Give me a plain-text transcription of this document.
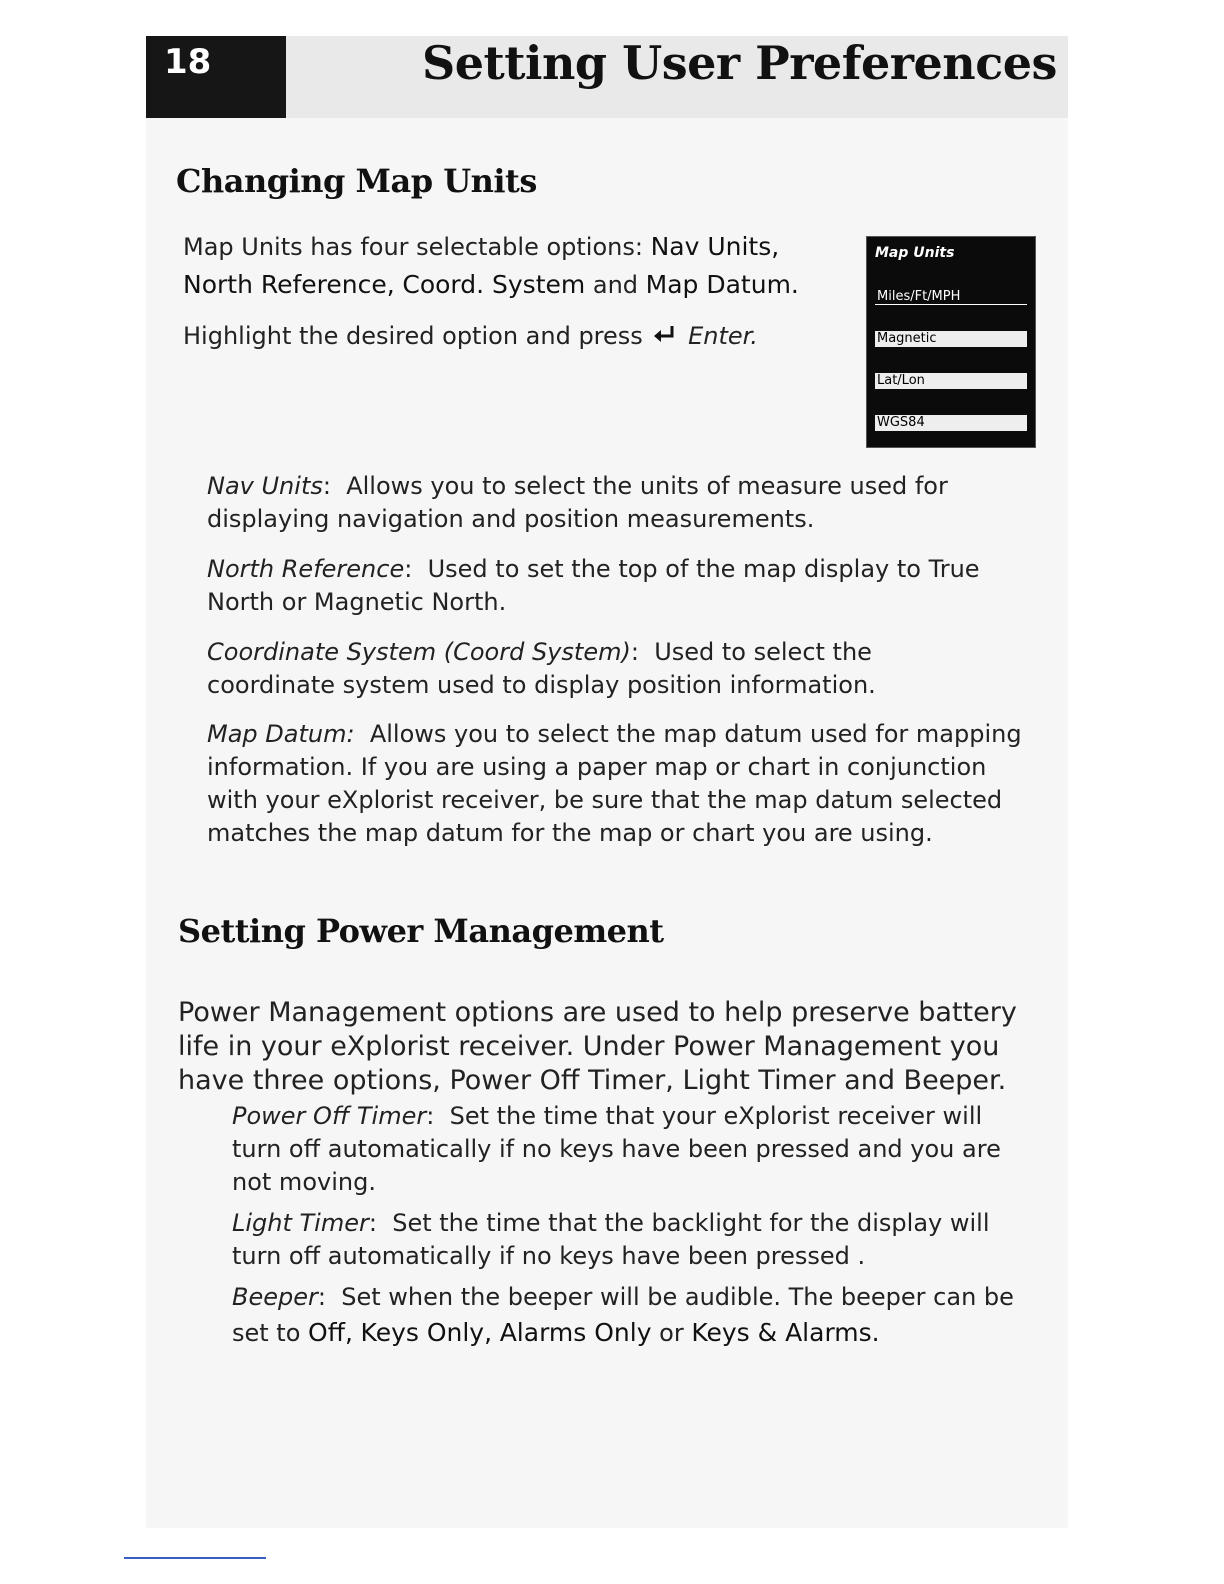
18	Setting User Preferences
Changing Map Units

Map Units has four selectable options: Nav Units,
North Reference, Coord. System and Map Datum.

Highlight the desired option and press Enter.

Map Units
Miles/Ft/MPH
Magnetic
Lat/Lon
WGS84

Nav Units: Allows you to select the units of measure used for displaying navigation and position measurements.

North Reference: Used to set the top of the map display to True North or Magnetic North.

Coordinate System (Coord System): Used to select the coordinate system used to display position information.

Map Datum: Allows you to select the map datum used for mapping information. If you are using a paper map or chart in conjunction with your eXplorist receiver, be sure that the map datum selected matches the map datum for the map or chart you are using.

Setting Power Management

Power Management options are used to help preserve battery life in your eXplorist receiver. Under Power Management you have three options, Power Off Timer, Light Timer and Beeper.

Power Off Timer: Set the time that your eXplorist receiver will turn off automatically if no keys have been pressed and you are not moving.

Light Timer: Set the time that the backlight for the display will turn off automatically if no keys have been pressed .

Beeper: Set when the beeper will be audible. The beeper can be set to Off, Keys Only, Alarms Only or Keys & Alarms.
